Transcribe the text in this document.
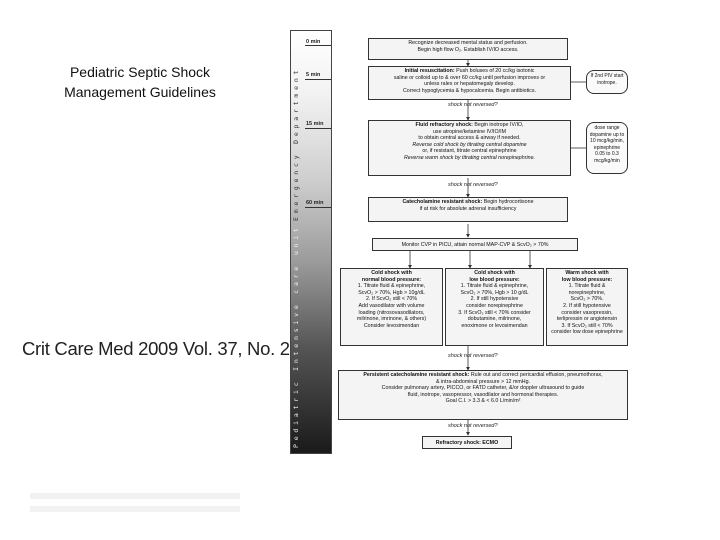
Pediatric Septic Shock
Management Guidelines
Crit Care Med 2009 Vol. 37, No. 2
Emergency Department
Pediatric Intensive care unit
0 min
5 min
15 min
60 min
Recognize decreased mental status and perfusion.
Begin high flow O₂. Establish IV/IO access.
Initial resuscitation: Push boluses of 20 cc/kg isotonic
saline or colloid up to & over 60 cc/kg until perfusion improves or
unless rales or hepatomegaly develop.
Correct hypoglycemia & hypocalcemia. Begin antibiotics.
If 2nd PIV start
inotrope.
shock not reversed?
Fluid refractory shock: Begin inotrope IV/IO,
use atropine/ketamine IV/IO/IM
to obtain central access & airway if needed.
Reverse cold shock by titrating central dopamine
or, if resistant, titrate central epinephrine
Reverse warm shock by titrating central norepinephrine.
dose range
dopamine up to
10 mcg/kg/min,
epinephrine
0.05 to 0.3
mcg/kg/min
shock not reversed?
Catecholamine resistant shock: Begin hydrocortisone
if at risk for absolute adrenal insufficiency
Monitor CVP in PICU, attain normal MAP-CVP & ScvO₂ > 70%
Cold shock with
normal blood pressure:
1. Titrate fluid & epinephrine,
ScvO₂ > 70%, Hgb > 10g/dL
2. If ScvO₂ still < 70%
Add vasodilator with volume
loading (nitrosovasodilators,
milrinone, imrinone, & others)
Consider levosimendan
Cold shock with
low blood pressure:
1. Titrate fluid & epinephrine,
ScvO₂ > 70%, Hgb > 10 g/dL
2. If still hypotensive
consider norepinephrine
3. If ScvO₂ still < 70% consider
dobutamine, milrinone,
enoximone or levosimendan
Warm shock with
low blood pressure:
1. Titrate fluid & norepinephrine,
ScvO₂ > 70%.
2. If still hypotensive
consider vasopressin,
terlipressin or angiotensin
3. If ScvO₂ still < 70%
consider low dose epinephrine
shock not reversed?
Persistent catecholamine resistant shock: Rule out and correct pericardial effusion, pneumothorax,
& intra-abdominal pressure > 12 mmHg.
Consider pulmonary artery, PICCO, or FATD catheter, &/or doppler ultrasound to guide
fluid, inotrope, vasopressor, vasodilator and hormonal therapies.
Goal C.I. > 3.3 & < 6.0 L/min/m²
shock not reversed?
Refractory shock: ECMO
